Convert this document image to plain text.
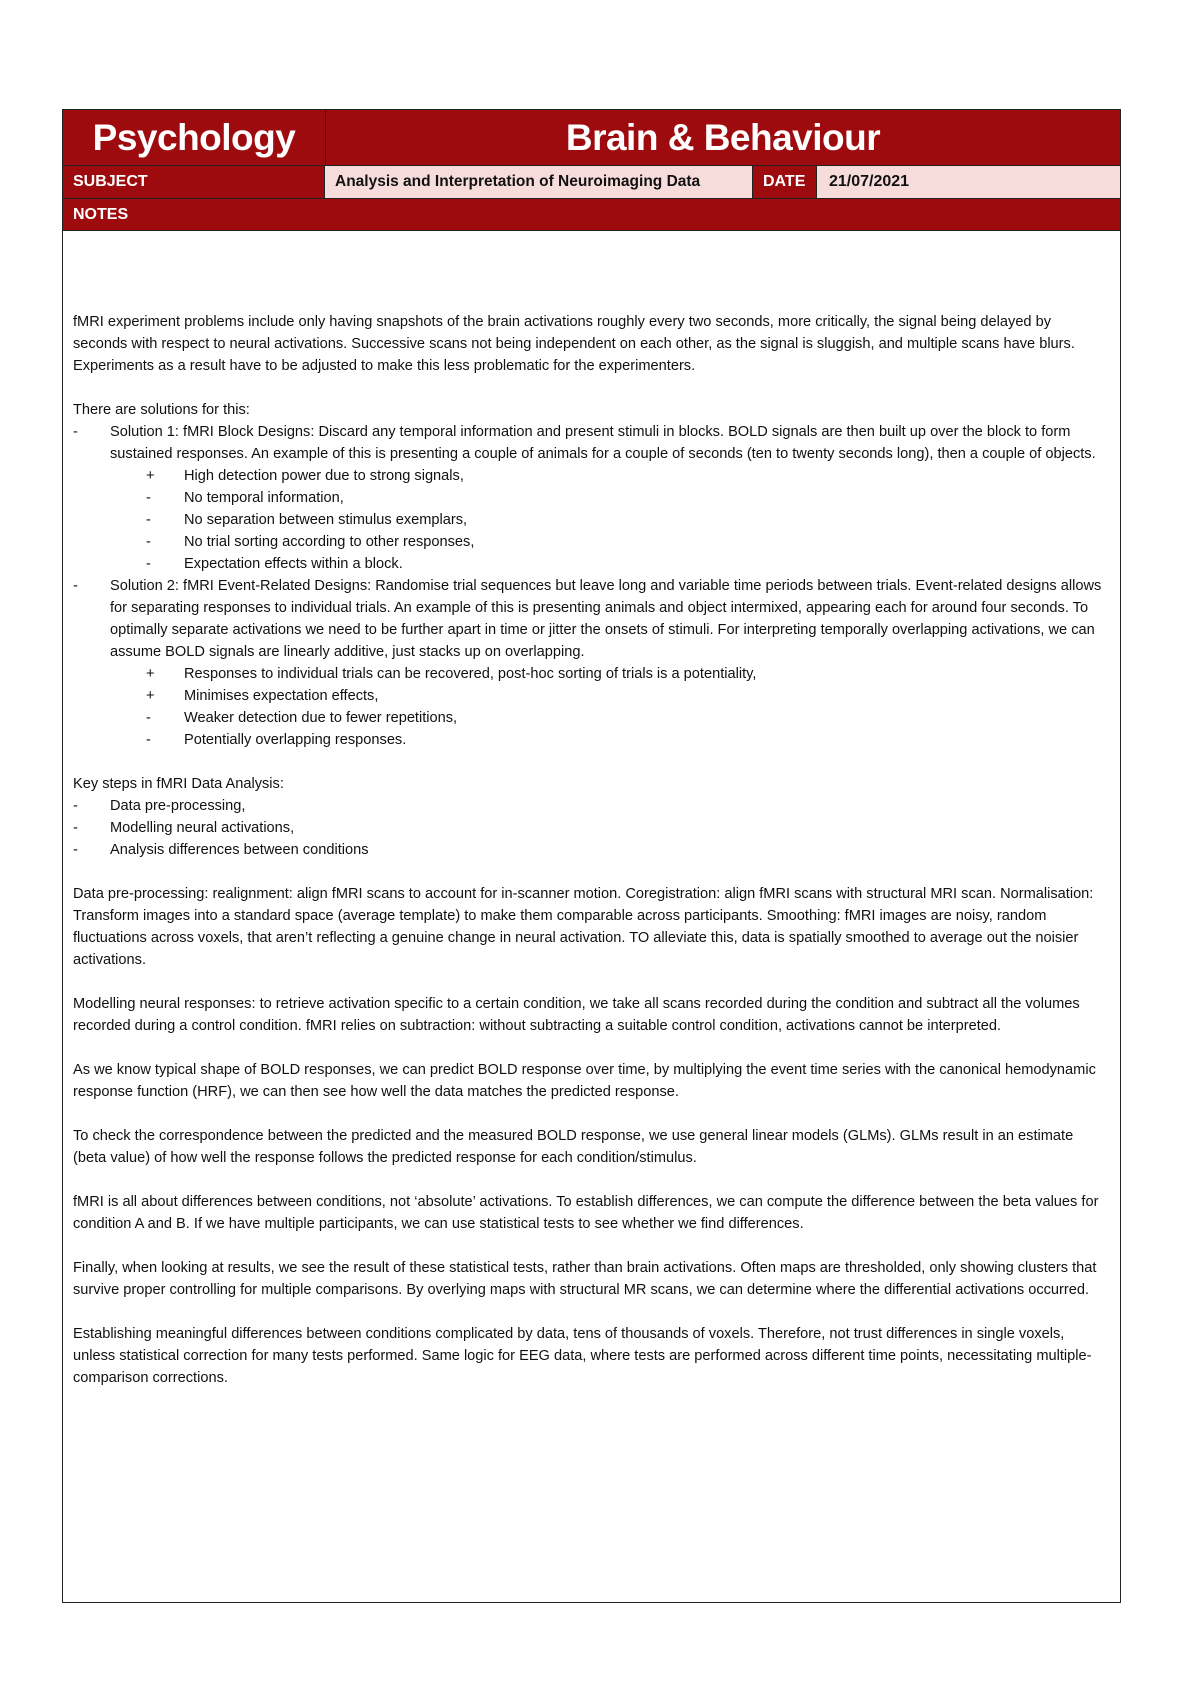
Psychology	Brain & Behaviour
SUBJECT	Analysis and Interpretation of Neuroimaging Data	DATE	21/07/2021
NOTES

fMRI experiment problems include only having snapshots of the brain activations roughly every two seconds, more critically, the signal being delayed by seconds with respect to neural activations. Successive scans not being independent on each other, as the signal is sluggish, and multiple scans have blurs. Experiments as a result have to be adjusted to make this less problematic for the experimenters.

There are solutions for this:

- Solution 1: fMRI Block Designs: Discard any temporal information and present stimuli in blocks. BOLD signals are then built up over the block to form sustained responses. An example of this is presenting a couple of animals for a couple of seconds (ten to twenty seconds long), then a couple of objects.
+ High detection power due to strong signals,
- No temporal information,
- No separation between stimulus exemplars,
- No trial sorting according to other responses,
- Expectation effects within a block.
- Solution 2: fMRI Event-Related Designs: Randomise trial sequences but leave long and variable time periods between trials. Event-related designs allows for separating responses to individual trials. An example of this is presenting animals and object intermixed, appearing each for around four seconds. To optimally separate activations we need to be further apart in time or jitter the onsets of stimuli. For interpreting temporally overlapping activations, we can assume BOLD signals are linearly additive, just stacks up on overlapping.
+ Responses to individual trials can be recovered, post-hoc sorting of trials is a potentiality,
+ Minimises expectation effects,
- Weaker detection due to fewer repetitions,
- Potentially overlapping responses.

Key steps in fMRI Data Analysis:

- Data pre-processing,
- Modelling neural activations,
- Analysis differences between conditions

Data pre-processing: realignment: align fMRI scans to account for in-scanner motion. Coregistration: align fMRI scans with structural MRI scan. Normalisation: Transform images into a standard space (average template) to make them comparable across participants. Smoothing: fMRI images are noisy, random fluctuations across voxels, that aren’t reflecting a genuine change in neural activation. TO alleviate this, data is spatially smoothed to average out the noisier activations.

Modelling neural responses: to retrieve activation specific to a certain condition, we take all scans recorded during the condition and subtract all the volumes recorded during a control condition. fMRI relies on subtraction: without subtracting a suitable control condition, activations cannot be interpreted.

As we know typical shape of BOLD responses, we can predict BOLD response over time, by multiplying the event time series with the canonical hemodynamic response function (HRF), we can then see how well the data matches the predicted response.

To check the correspondence between the predicted and the measured BOLD response, we use general linear models (GLMs). GLMs result in an estimate (beta value) of how well the response follows the predicted response for each condition/stimulus.

fMRI is all about differences between conditions, not ‘absolute’ activations. To establish differences, we can compute the difference between the beta values for condition A and B. If we have multiple participants, we can use statistical tests to see whether we find differences.

Finally, when looking at results, we see the result of these statistical tests, rather than brain activations. Often maps are thresholded, only showing clusters that survive proper controlling for multiple comparisons. By overlying maps with structural MR scans, we can determine where the differential activations occurred.

Establishing meaningful differences between conditions complicated by data, tens of thousands of voxels. Therefore, not trust differences in single voxels, unless statistical correction for many tests performed. Same logic for EEG data, where tests are performed across different time points, necessitating multiple-comparison corrections.
